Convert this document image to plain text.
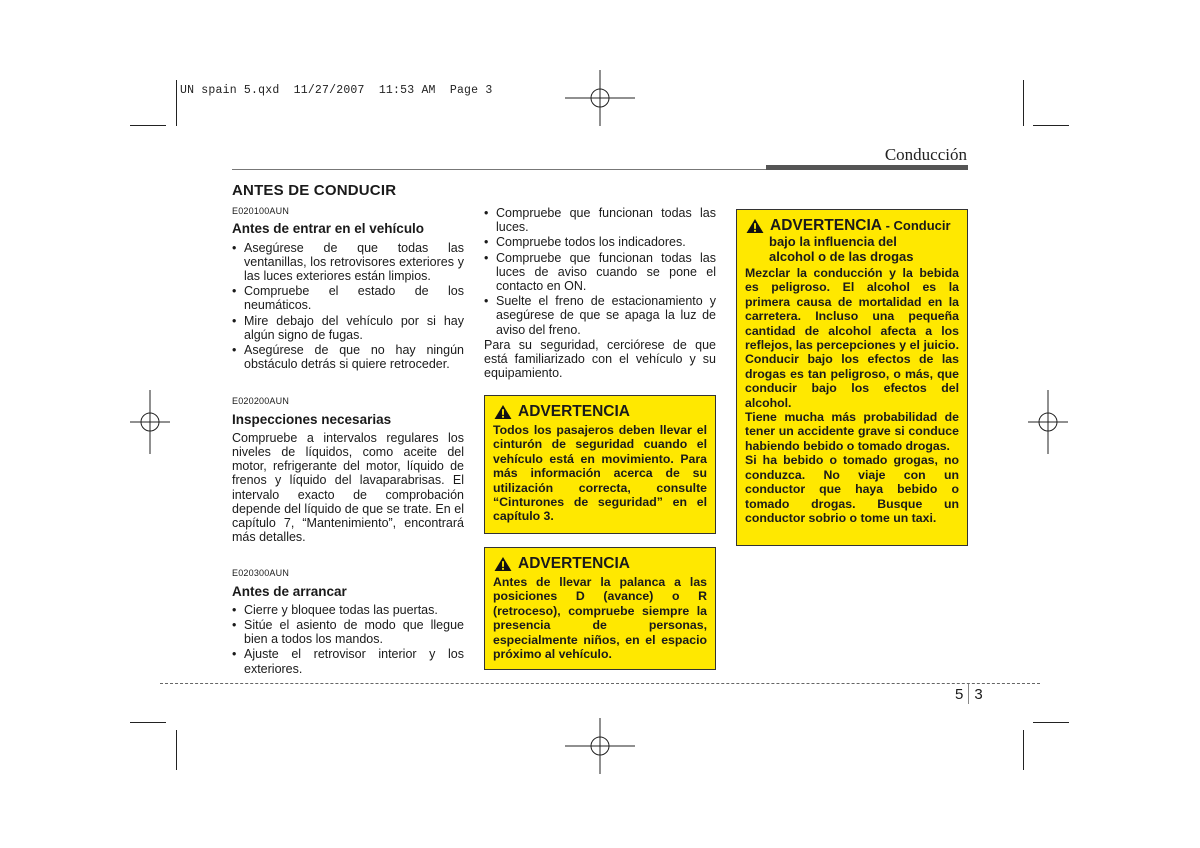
UN spain 5.qxd  11/27/2007  11:53 AM  Page 3
Conducción
ANTES DE CONDUCIR
E020100AUN
Antes de entrar en el vehículo
• Asegúrese de que todas las ventanillas, los retrovisores exteriores y las luces exteriores están limpios.
• Compruebe el estado de los neumáticos.
• Mire debajo del vehículo por si hay algún signo de fugas.
• Asegúrese de que no hay ningún obstáculo detrás si quiere retroceder.
E020200AUN
Inspecciones necesarias

Compruebe a intervalos regulares los niveles de líquidos, como aceite del motor, refrigerante del motor, líquido de frenos y líquido del lavaparabrisas. El intervalo exacto de comprobación depende del líquido de que se trate. En el capítulo 7, “Mantenimiento”, encontrará más detalles.

E020300AUN
Antes de arrancar
• Cierre y bloquee todas las puertas.
• Sitúe el asiento de modo que llegue bien a todos los mandos.
• Ajuste el retrovisor interior y los exteriores.
• Compruebe que funcionan todas las luces.
• Compruebe todos los indicadores.
• Compruebe que funcionan todas las luces de aviso cuando se pone el contacto en ON.
• Suelte el freno de estacionamiento y asegúrese de que se apaga la luz de aviso del freno.

Para su seguridad, cerciórese de que está familiarizado con el vehículo y su equipamiento.

ADVERTENCIA
Todos los pasajeros deben llevar el cinturón de seguridad cuando el vehículo está en movimiento. Para más información acerca de su utilización correcta, consulte “Cinturones de seguridad” en el capítulo 3.
ADVERTENCIA
Antes de llevar la palanca a las posiciones D (avance) o R (retroceso), compruebe siempre la presencia de personas, especialmente niños, en el espacio próximo al vehículo.
ADVERTENCIA - Conducir
bajo la influencia del
alcohol o de las drogas

Mezclar la conducción y la bebida es peligroso. El alcohol es la primera causa de mortalidad en la carretera. Incluso una pequeña cantidad de alcohol afecta a los reflejos, las percepciones y el juicio. Conducir bajo los efectos de las drogas es tan peligroso, o más, que conducir bajo los efectos del alcohol.

Tiene mucha más probabilidad de tener un accidente grave si conduce habiendo bebido o tomado drogas.

Si ha bebido o tomado grogas, no conduzca. No viaje con un conductor que haya bebido o tomado drogas. Busque un conductor sobrio o tome un taxi.

5 3
